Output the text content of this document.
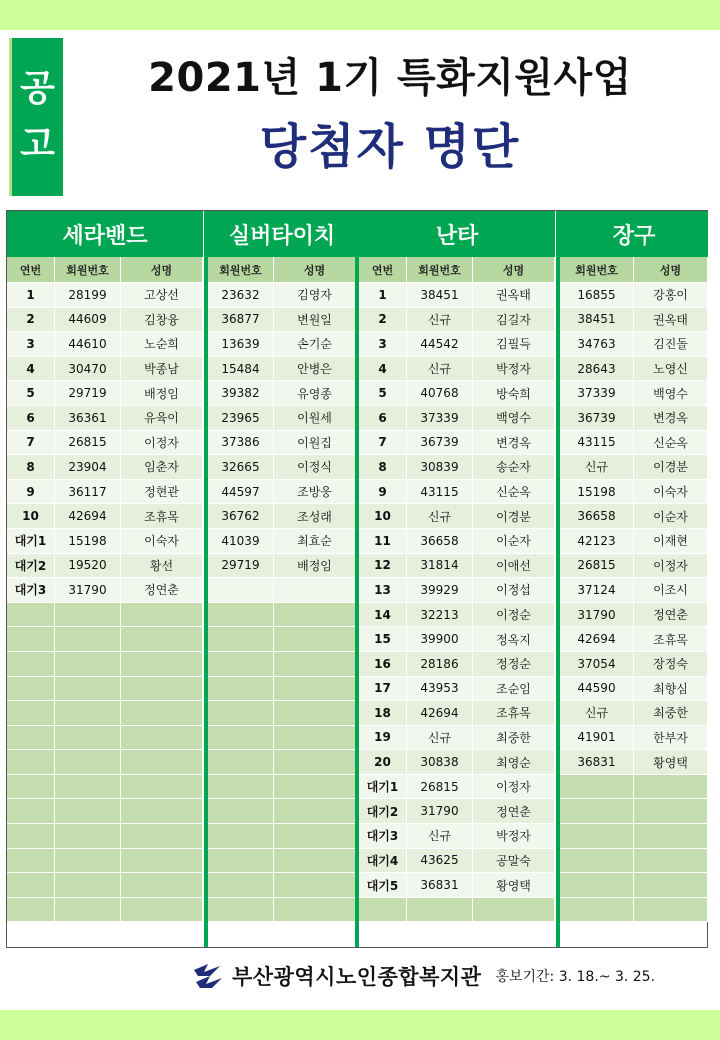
공
고
2021년 1기 특화지원사업
당첨자 명단
세라밴드
연번	회원번호	성명
1	28199	고상선
2	44609	김창융
3	44610	노순희
4	30470	박종남
5	29719	배정임
6	36361	유육이
7	26815	이정자
8	23904	임춘자
9	36117	정현관
10	42694	조휴목
대기1	15198	이숙자
대기2	19520	황선
대기3	31790	정연춘
실버타이치
회원번호	성명
23632	김영자
36877	변원일
13639	손기순
15484	안병은
39382	유영종
23965	이원세
37386	이원집
32665	이정식
44597	조방웅
36762	조성래
41039	최효순
29719	배정임
난타
연번	회원번호	성명
1	38451	권옥태
2	신규	김길자
3	44542	김필득
4	신규	박정자
5	40768	방숙희
6	37339	백영수
7	36739	변경옥
8	30839	송순자
9	43115	신순옥
10	신규	이경분
11	36658	이순자
12	31814	이애선
13	39929	이정섭
14	32213	이정순
15	39900	정옥지
16	28186	정정순
17	43953	조순임
18	42694	조휴목
19	신규	최중한
20	30838	최영순
대기1	26815	이정자
대기2	31790	정연춘
대기3	신규	박정자
대기4	43625	공말숙
대기5	36831	황영택
장구
회원번호	성명
16855	강홍이
38451	권옥태
34763	김진돌
28643	노영신
37339	백영수
36739	변경옥
43115	신순옥
신규	이경분
15198	이숙자
36658	이순자
42123	이재현
26815	이정자
37124	이조시
31790	정연춘
42694	조휴목
37054	장정숙
44590	최향심
신규	최중한
41901	한부자
36831	황영택
부산광역시노인종합복지관 홍보기간: 3. 18.~ 3. 25.
